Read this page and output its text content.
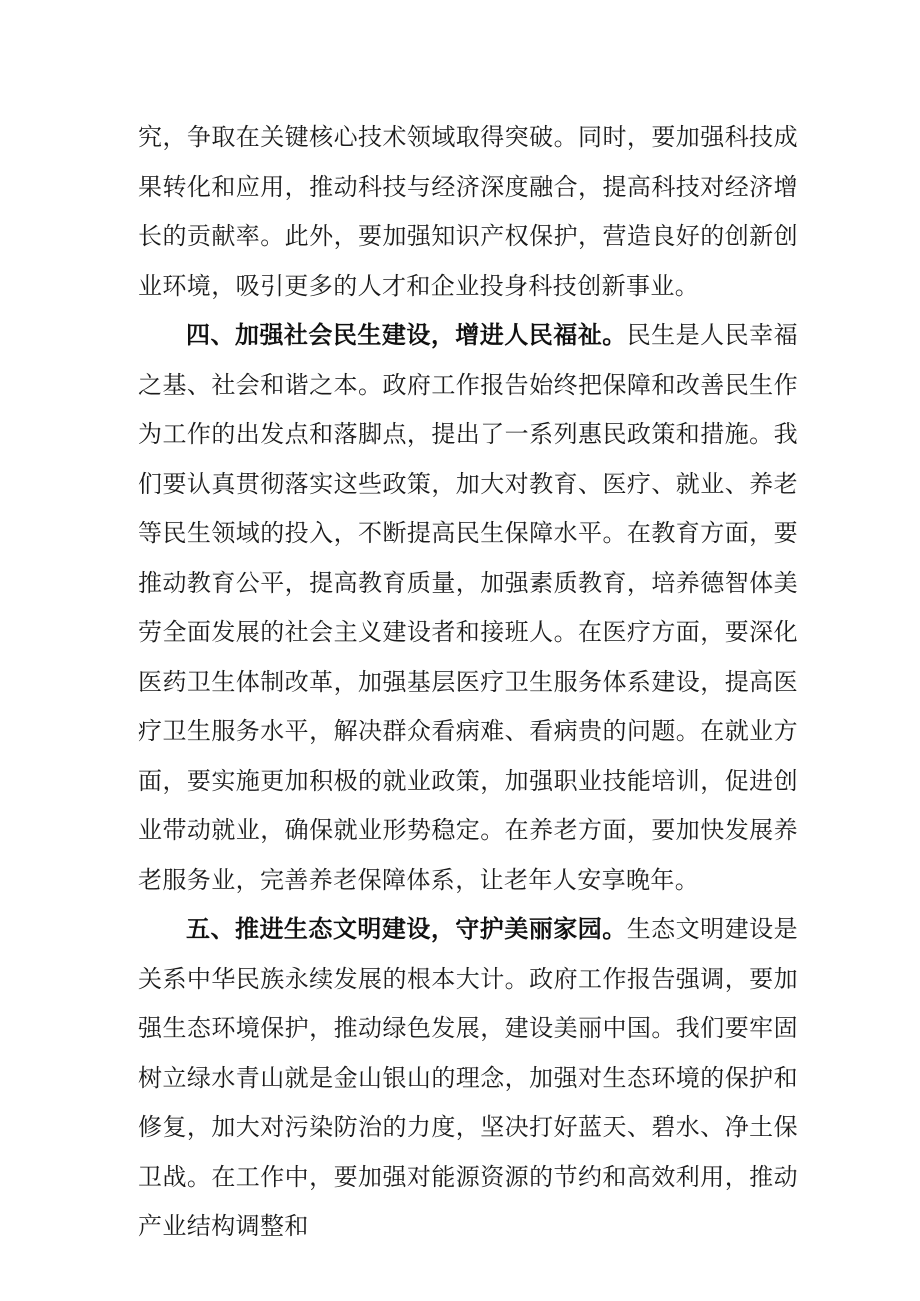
究，争取在关键核心技术领域取得突破。同时，要加强科技成果转化和应用，推动科技与经济深度融合，提高科技对经济增长的贡献率。此外，要加强知识产权保护，营造良好的创新创业环境，吸引更多的人才和企业投身科技创新事业。

四、加强社会民生建设，增进人民福祉。民生是人民幸福之基、社会和谐之本。政府工作报告始终把保障和改善民生作为工作的出发点和落脚点，提出了一系列惠民政策和措施。我们要认真贯彻落实这些政策，加大对教育、医疗、就业、养老等民生领域的投入，不断提高民生保障水平。在教育方面，要推动教育公平，提高教育质量，加强素质教育，培养德智体美劳全面发展的社会主义建设者和接班人。在医疗方面，要深化医药卫生体制改革，加强基层医疗卫生服务体系建设，提高医疗卫生服务水平，解决群众看病难、看病贵的问题。在就业方面，要实施更加积极的就业政策，加强职业技能培训，促进创业带动就业，确保就业形势稳定。在养老方面，要加快发展养老服务业，完善养老保障体系，让老年人安享晚年。

五、推进生态文明建设，守护美丽家园。生态文明建设是关系中华民族永续发展的根本大计。政府工作报告强调，要加强生态环境保护，推动绿色发展，建设美丽中国。我们要牢固树立绿水青山就是金山银山的理念，加强对生态环境的保护和修复，加大对污染防治的力度，坚决打好蓝天、碧水、净土保卫战。在工作中，要加强对能源资源的节约和高效利用，推动产业结构调整和
